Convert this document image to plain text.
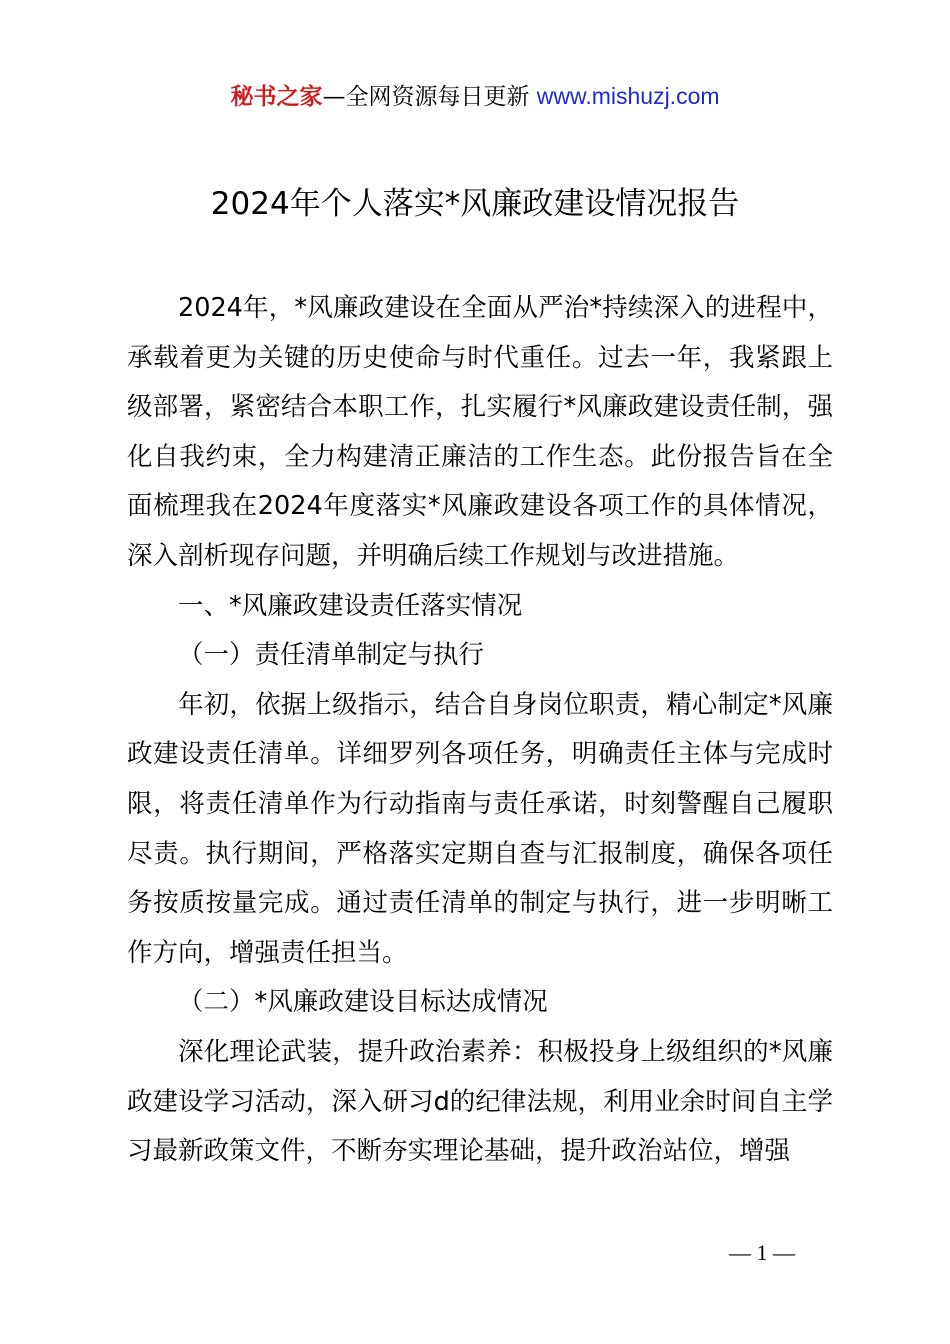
秘书之家—全网资源每日更新 www.mishuzj.com
2024年个人落实*风廉政建设情况报告

2024年，*风廉政建设在全面从严治*持续深入的进程中，承载着更为关键的历史使命与时代重任。过去一年，我紧跟上级部署，紧密结合本职工作，扎实履行*风廉政建设责任制，强化自我约束，全力构建清正廉洁的工作生态。此份报告旨在全面梳理我在2024年度落实*风廉政建设各项工作的具体情况，深入剖析现存问题，并明确后续工作规划与改进措施。

一、*风廉政建设责任落实情况

（一）责任清单制定与执行

年初，依据上级指示，结合自身岗位职责，精心制定*风廉政建设责任清单。详细罗列各项任务，明确责任主体与完成时限，将责任清单作为行动指南与责任承诺，时刻警醒自己履职尽责。执行期间，严格落实定期自查与汇报制度，确保各项任务按质按量完成。通过责任清单的制定与执行，进一步明晰工作方向，增强责任担当。

（二）*风廉政建设目标达成情况

深化理论武装，提升政治素养：积极投身上级组织的*风廉政建设学习活动，深入研习d的纪律法规，利用业余时间自主学习最新政策文件，不断夯实理论基础，提升政治站位，增强

— 1 —
